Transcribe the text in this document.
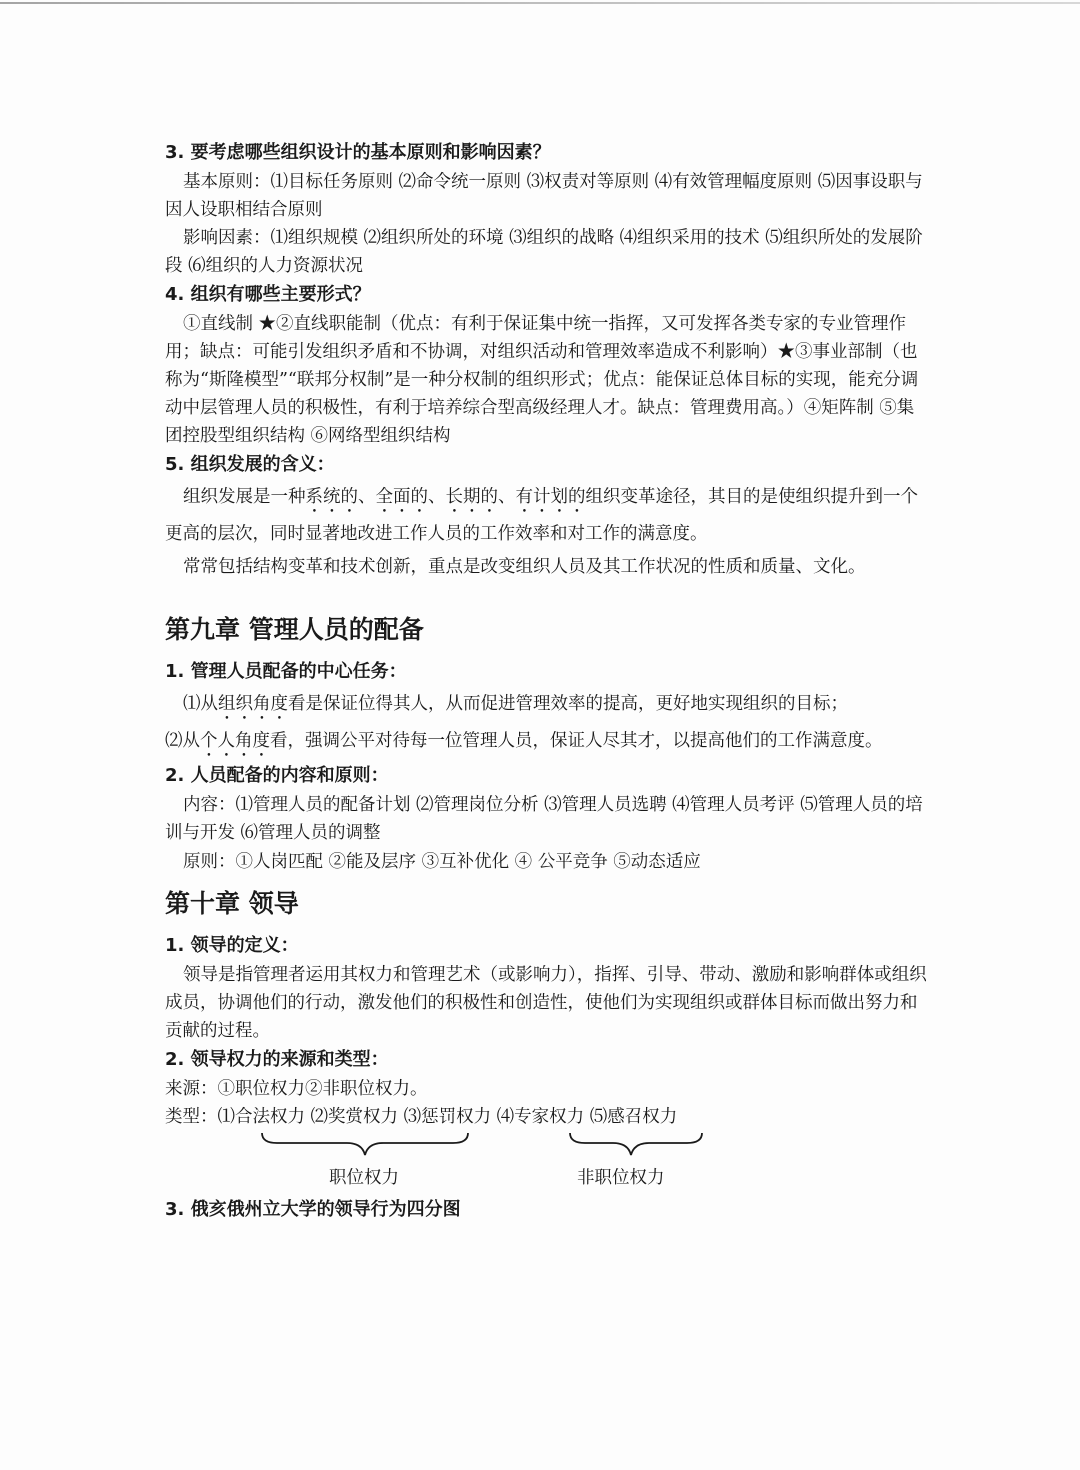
3. 要考虑哪些组织设计的基本原则和影响因素？

基本原则：⑴目标任务原则 ⑵命令统一原则 ⑶权责对等原则 ⑷有效管理幅度原则 ⑸因事设职与因人设职相结合原则

影响因素：⑴组织规模 ⑵组织所处的环境 ⑶组织的战略 ⑷组织采用的技术 ⑸组织所处的发展阶段 ⑹组织的人力资源状况

4. 组织有哪些主要形式？

①直线制 ★②直线职能制（优点：有利于保证集中统一指挥，又可发挥各类专家的专业管理作用；缺点：可能引发组织矛盾和不协调，对组织活动和管理效率造成不利影响）★③事业部制（也称为“斯隆模型”“联邦分权制”是一种分权制的组织形式；优点：能保证总体目标的实现，能充分调动中层管理人员的积极性，有利于培养综合型高级经理人才。缺点：管理费用高。）④矩阵制 ⑤集团控股型组织结构 ⑥网络型组织结构

5. 组织发展的含义：

组织发展是一种系统的、全面的、长期的、有计划的组织变革途径，其目的是使组织提升到一个更高的层次，同时显著地改进工作人员的工作效率和对工作的满意度。

常常包括结构变革和技术创新，重点是改变组织人员及其工作状况的性质和质量、文化。

第九章 管理人员的配备

1. 管理人员配备的中心任务：

⑴从组织角度看是保证位得其人，从而促进管理效率的提高，更好地实现组织的目标；

⑵从个人角度看，强调公平对待每一位管理人员，保证人尽其才，以提高他们的工作满意度。

2. 人员配备的内容和原则：

内容：⑴管理人员的配备计划 ⑵管理岗位分析 ⑶管理人员选聘 ⑷管理人员考评 ⑸管理人员的培训与开发 ⑹管理人员的调整

原则：①人岗匹配 ②能及层序 ③互补优化 ④ 公平竞争 ⑤动态适应

第十章 领导

1. 领导的定义：

领导是指管理者运用其权力和管理艺术（或影响力），指挥、引导、带动、激励和影响群体或组织成员，协调他们的行动，激发他们的积极性和创造性，使他们为实现组织或群体目标而做出努力和贡献的过程。

2. 领导权力的来源和类型：

来源：①职位权力②非职位权力。

类型：⑴合法权力 ⑵奖赏权力 ⑶惩罚权力 ⑷专家权力 ⑸感召权力

职位权力	非职位权力

3. 俄亥俄州立大学的领导行为四分图
